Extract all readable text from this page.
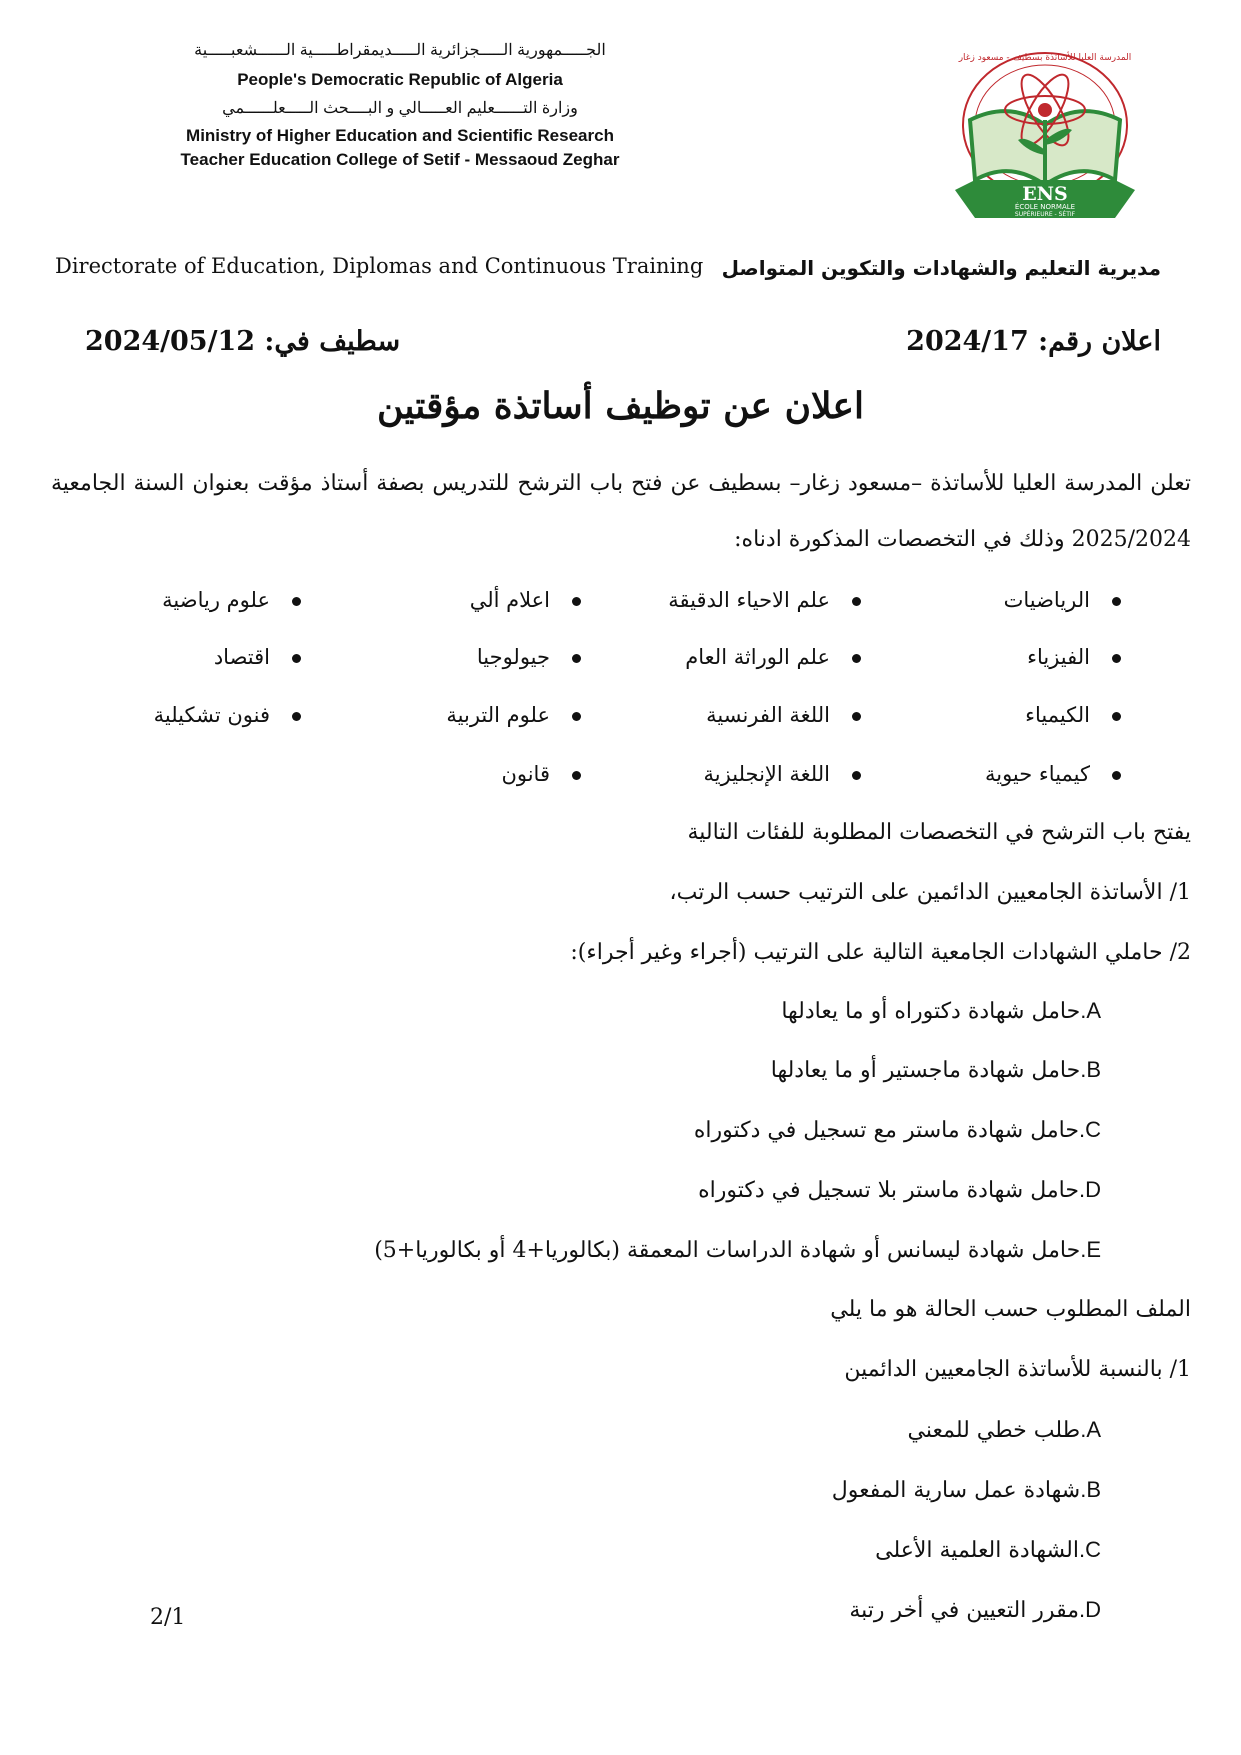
الجـــــمهورية الـــــجزائرية الـــــديمقراطـــــية الــــــشعبـــــية
People's Democratic Republic of Algeria
وزارة التــــــعليم العـــــالي و البــــحث الـــــعلــــــمي
Ministry of Higher Education and Scientific Research
Teacher Education College of Setif - Messaoud Zeghar
ENS
ÉCOLE NORMALE
SUPÉRIEURE - SÉTIF
المدرسة العليا للأساتذة بسطيف - مسعود زغار
Directorate of Education, Diplomas and Continuous Training مديرية التعليم والشهادات والتكوين المتواصل
اعلان رقم: 2024/17
سطيف في: 2024/05/12
اعلان عن توظيف أساتذة مؤقتين
تعلن المدرسة العليا للأساتذة –مسعود زغار– بسطيف عن فتح باب الترشح للتدريس بصفة أستاذ مؤقت بعنوان السنة الجامعية 2025/2024 وذلك في التخصصات المذكورة ادناه:
الرياضيات
الفيزياء
الكيمياء
كيمياء حيوية
علم الاحياء الدقيقة
علم الوراثة العام
اللغة الفرنسية
اللغة الإنجليزية
اعلام ألي
جيولوجيا
علوم التربية
قانون
علوم رياضية
اقتصاد
فنون تشكيلية
يفتح باب الترشح في التخصصات المطلوبة للفئات التالية
1/ الأساتذة الجامعيين الدائمين على الترتيب حسب الرتب،
2/ حاملي الشهادات الجامعية التالية على الترتيب (أجراء وغير أجراء):
A.حامل شهادة دكتوراه أو ما يعادلها
B.حامل شهادة ماجستير أو ما يعادلها
C.حامل شهادة ماستر مع تسجيل في دكتوراه
D.حامل شهادة ماستر بلا تسجيل في دكتوراه
E.حامل شهادة ليسانس أو شهادة الدراسات المعمقة (بكالوريا+4 أو بكالوريا+5)
الملف المطلوب حسب الحالة هو ما يلي
1/ بالنسبة للأساتذة الجامعيين الدائمين
A.طلب خطي للمعني
B.شهادة عمل سارية المفعول
C.الشهادة العلمية الأعلى
D.مقرر التعيين في أخر رتبة
2/1
